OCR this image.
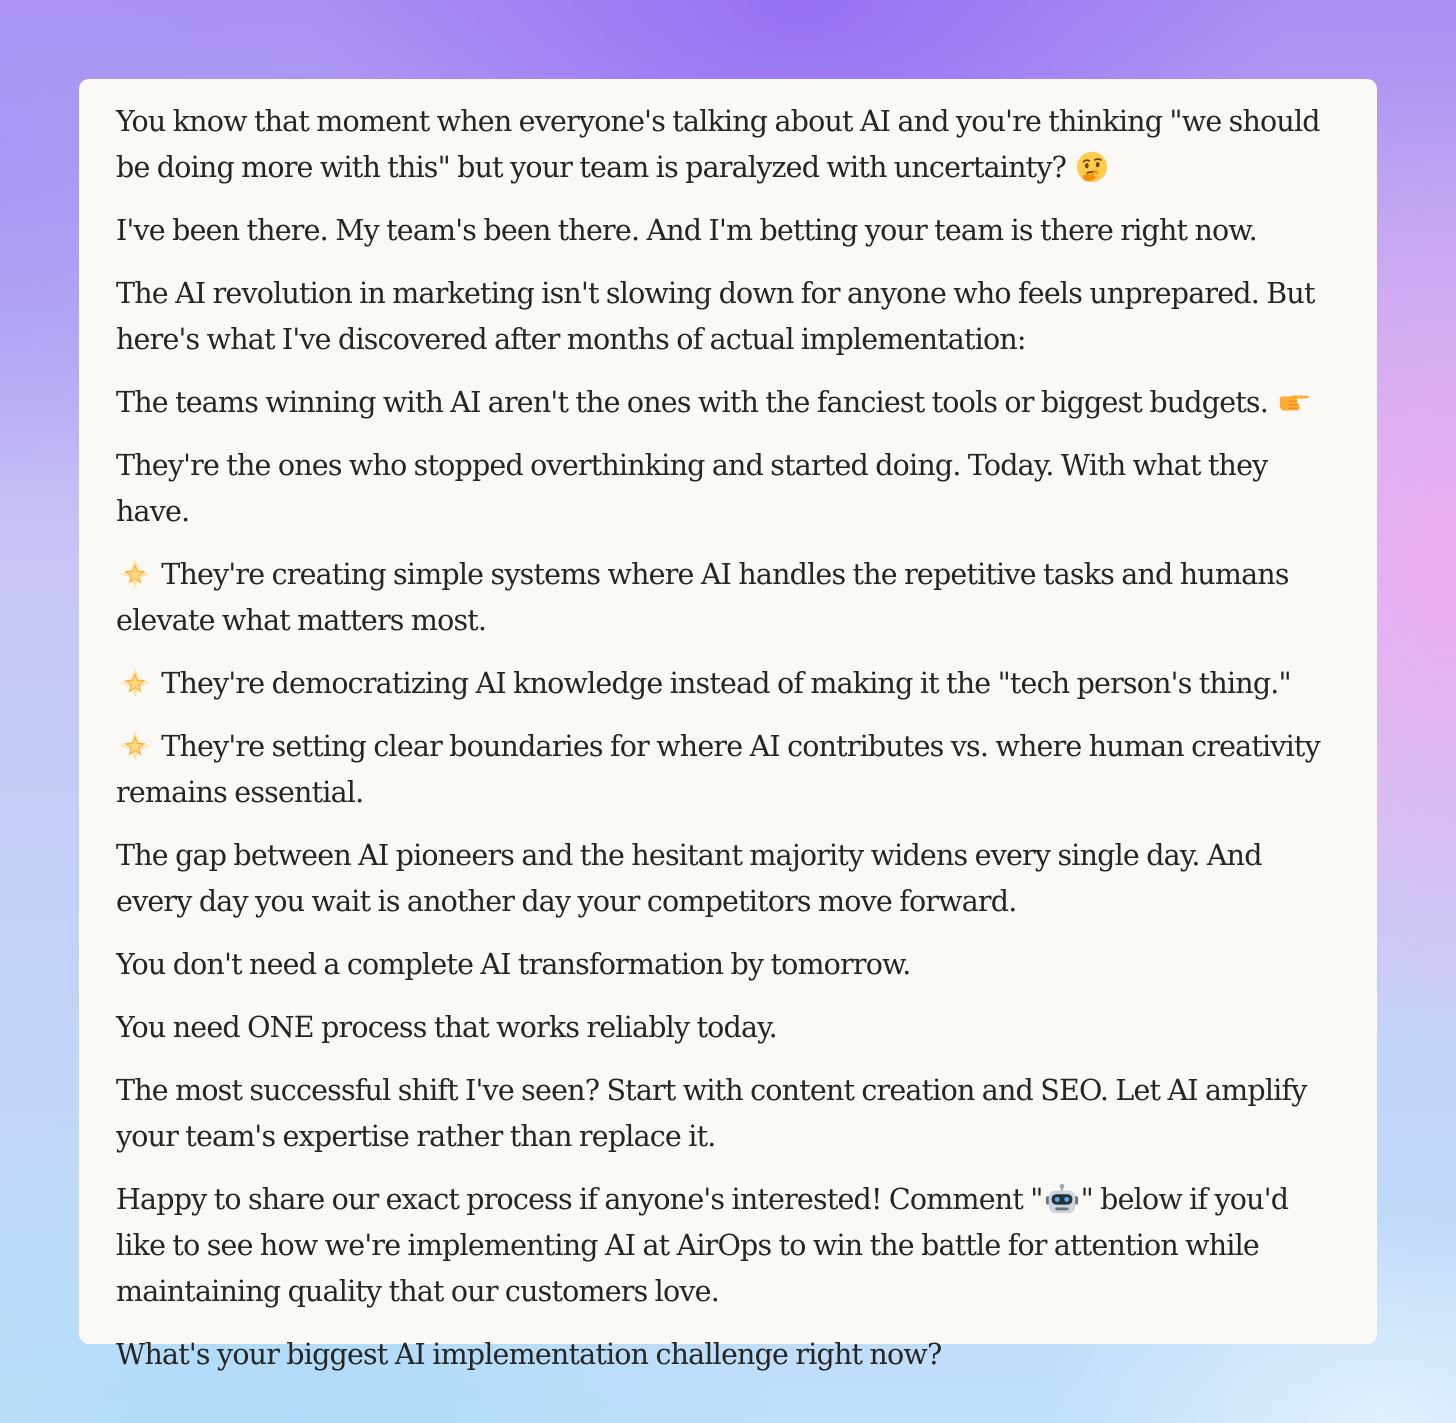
You know that moment when everyone's talking about AI and you're thinking "we should be doing more with this" but your team is paralyzed with uncertainty?

I've been there. My team's been there. And I'm betting your team is there right now.

The AI revolution in marketing isn't slowing down for anyone who feels unprepared. But here's what I've discovered after months of actual implementation:

The teams winning with AI aren't the ones with the fanciest tools or biggest budgets.

They're the ones who stopped overthinking and started doing. Today. With what they have.

They're creating simple systems where AI handles the repetitive tasks and humans elevate what matters most.

They're democratizing AI knowledge instead of making it the "tech person's thing."

They're setting clear boundaries for where AI contributes vs. where human creativity remains essential.

The gap between AI pioneers and the hesitant majority widens every single day. And every day you wait is another day your competitors move forward.

You don't need a complete AI transformation by tomorrow.

You need ONE process that works reliably today.

The most successful shift I've seen? Start with content creation and SEO. Let AI amplify your team's expertise rather than replace it.

Happy to share our exact process if anyone's interested! Comment " " below if you'd like to see how we're implementing AI at AirOps to win the battle for attention while maintaining quality that our customers love.

What's your biggest AI implementation challenge right now?
